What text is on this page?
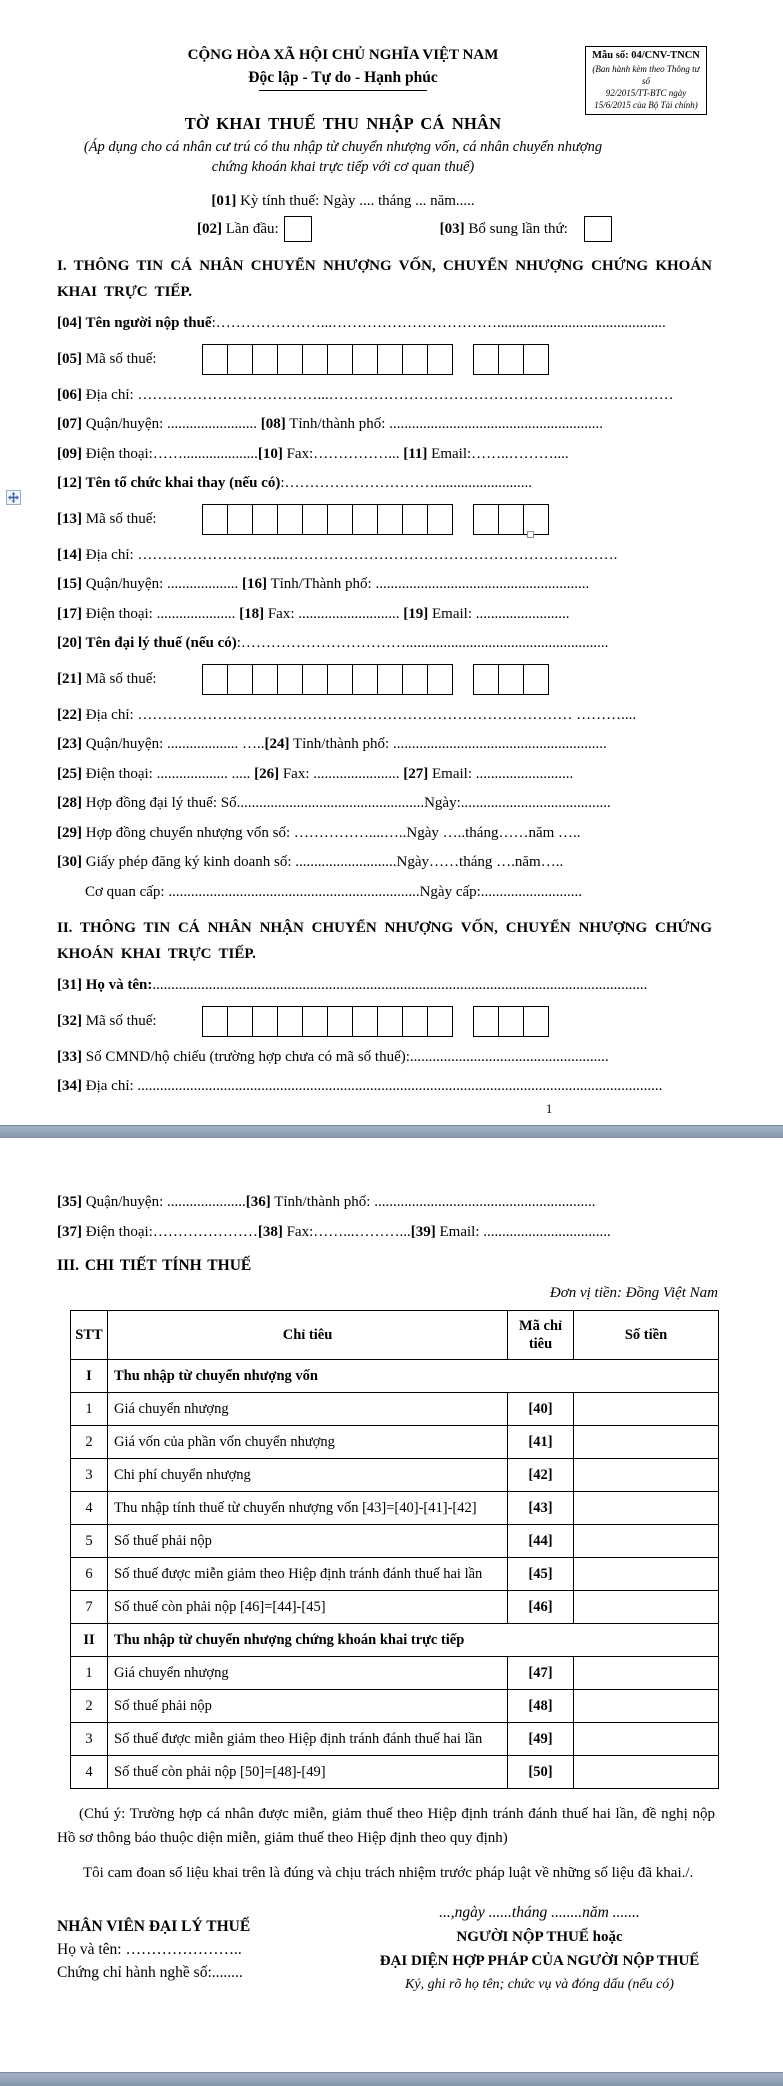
CỘNG HÒA XÃ HỘI CHỦ NGHĨA VIỆT NAM
Độc lập - Tự do - Hạnh phúc
TỜ KHAI THUẾ THU NHẬP CÁ NHÂN
(Áp dụng cho cá nhân cư trú có thu nhập từ chuyển nhượng vốn, cá nhân chuyển nhượng
chứng khoán khai trực tiếp với cơ quan thuế)
[01] Kỳ tính thuế: Ngày .... tháng ... năm.....
Mẫu số: 04/CNV-TNCN
(Ban hành kèm theo Thông tư số
92/2015/TT-BTC ngày
15/6/2015 của Bộ Tài chính)
[02] Lần đầu:	[03] Bổ sung lần thứ:
I. THÔNG TIN CÁ NHÂN CHUYỂN NHƯỢNG VỐN, CHUYỂN NHƯỢNG CHỨNG KHOÁN KHAI TRỰC TIẾP.
[04] Tên người nộp thuế:…………………...…………………………….............................................
[05] Mã số thuế:
[06] Địa chỉ: ………………………………...……………………………………………………………
[07] Quận/huyện: ........................ [08] Tỉnh/thành phố: .........................................................
[09] Điện thoại:……....................[10] Fax:……………... [11] Email:……..………....
[12] Tên tổ chức khai thay (nếu có):…………………………..........................
[13] Mã số thuế:
[14] Địa chỉ: ………………………...………………………………………………………….
[15] Quận/huyện: ................... [16] Tỉnh/Thành phố: .........................................................
[17] Điện thoại: ..................... [18] Fax: ........................... [19] Email: .........................
[20] Tên đại lý thuế (nếu có):……………………………......................................................
[21] Mã số thuế:
[22] Địa chỉ: …………………………………………………………………………… ………....
[23] Quận/huyện: ................... …..[24] Tỉnh/thành phố: .........................................................
[25] Điện thoại: ................... ..... [26] Fax: ....................... [27] Email: ..........................
[28] Hợp đồng đại lý thuế: Số..................................................Ngày:........................................
[29] Hợp đồng chuyển nhượng vốn số: ……………....…..Ngày …..tháng……năm …..
[30] Giấy phép đăng ký kinh doanh số: ...........................Ngày……tháng ….năm…..
Cơ quan cấp: ...................................................................Ngày cấp:...........................
II. THÔNG TIN CÁ NHÂN NHẬN CHUYỂN NHƯỢNG VỐN, CHUYỂN NHƯỢNG CHỨNG KHOÁN KHAI TRỰC TIẾP.
[31] Họ và tên:....................................................................................................................................
[32] Mã số thuế:
[33] Số CMND/hộ chiếu (trường hợp chưa có mã số thuế):.....................................................
[34] Địa chỉ: ............................................................................................................................................
1
[35] Quận/huyện: .....................[36] Tỉnh/thành phố: ...........................................................
[37] Điện thoại:…………………[38] Fax:……...………...[39] Email: ..................................
III. CHI TIẾT TÍNH THUẾ
Đơn vị tiền: Đồng Việt Nam
STT	Chỉ tiêu	Mã chỉ tiêu	Số tiền
I	Thu nhập từ chuyển nhượng vốn		
1	Giá chuyển nhượng	[40]	
2	Giá vốn của phần vốn chuyển nhượng	[41]	
3	Chi phí chuyển nhượng	[42]	
4	Thu nhập tính thuế từ chuyển nhượng vốn [43]=[40]-[41]-[42]	[43]	
5	Số thuế phải nộp	[44]	
6	Số thuế được miễn giảm theo Hiệp định tránh đánh thuế hai lần	[45]	
7	Số thuế còn phải nộp [46]=[44]-[45]	[46]	
II	Thu nhập từ chuyển nhượng chứng khoán khai trực tiếp		
1	Giá chuyển nhượng	[47]	
2	Số thuế phải nộp	[48]	
3	Số thuế được miễn giảm theo Hiệp định tránh đánh thuế hai lần	[49]	
4	Số thuế còn phải nộp [50]=[48]-[49]	[50]	

(Chú ý: Trường hợp cá nhân được miễn, giảm thuế theo Hiệp định tránh đánh thuế hai lần, đề nghị nộp Hồ sơ thông báo thuộc diện miễn, giảm thuế theo Hiệp định theo quy định)

Tôi cam đoan số liệu khai trên là đúng và chịu trách nhiệm trước pháp luật về những số liệu đã khai./.

NHÂN VIÊN ĐẠI LÝ THUẾ
Họ và tên: …………………..
Chứng chỉ hành nghề số:........
...,ngày ......tháng ........năm .......
NGƯỜI NỘP THUẾ hoặc
ĐẠI DIỆN HỢP PHÁP CỦA NGƯỜI NỘP THUẾ
Ký, ghi rõ họ tên; chức vụ và đóng dấu (nếu có)
